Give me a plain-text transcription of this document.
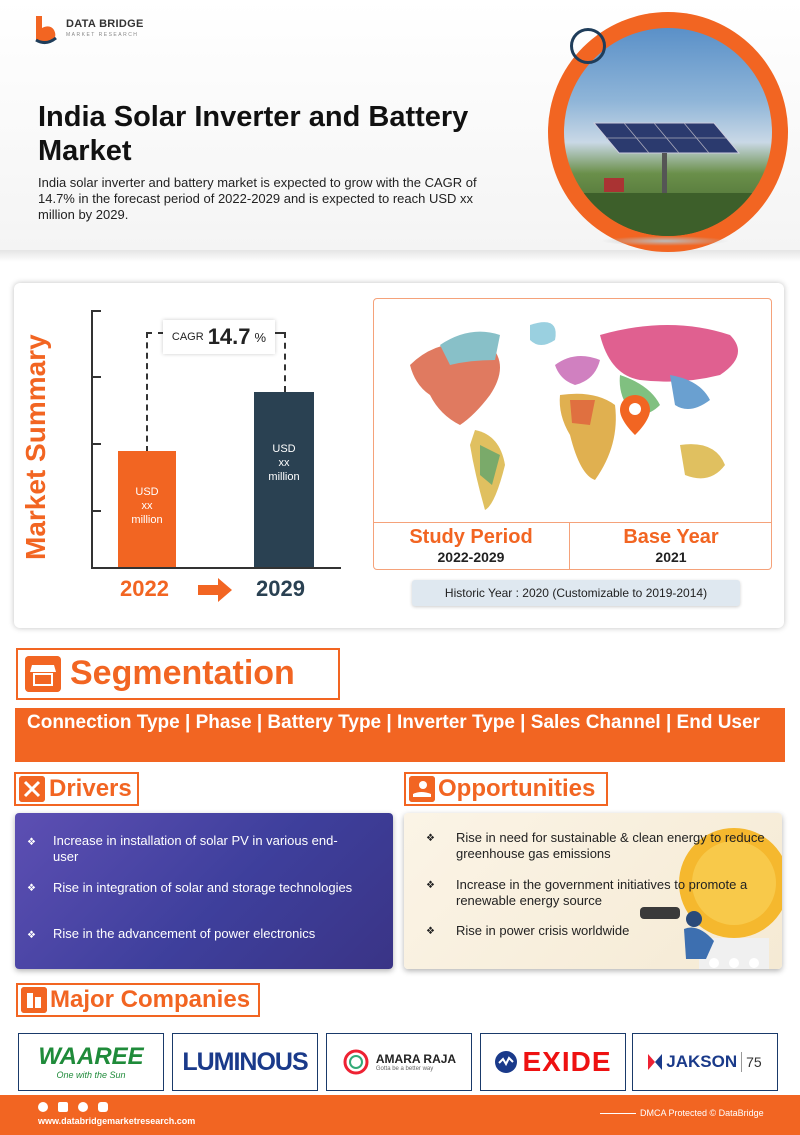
DATA BRIDGE
MARKET RESEARCH
India Solar Inverter and Battery Market
India solar inverter and battery market is expected to grow with the CAGR of 14.7% in the forecast period of 2022-2029 and is expected to reach USD xx million by 2029.
Market Summary	CAGR 14.7 %
USD
xx
million
USD
xx
million
2022	2029
Study Period
2022-2029
Base Year
2021
Historic Year : 2020 (Customizable to 2019-2014)
Segmentation
Connection Type | Phase | Battery Type | Inverter Type | Sales Channel | End User
Drivers	Opportunities
❖ Increase in installation of solar PV in various end-user
❖ Rise in integration of solar and storage technologies
❖ Rise in the advancement of power electronics
❖ Rise in need for sustainable & clean energy to reduce greenhouse gas emissions
❖ Increase in the government initiatives to promote a renewable energy source
❖ Rise in power crisis worldwide
Major Companies
WAAREE
One with the Sun LUMINOUS	AMARA RAJA
Gotta be a better way	EXIDE	JAKSON 75
www.databridgemarketresearch.com
DMCA Protected © DataBridge
